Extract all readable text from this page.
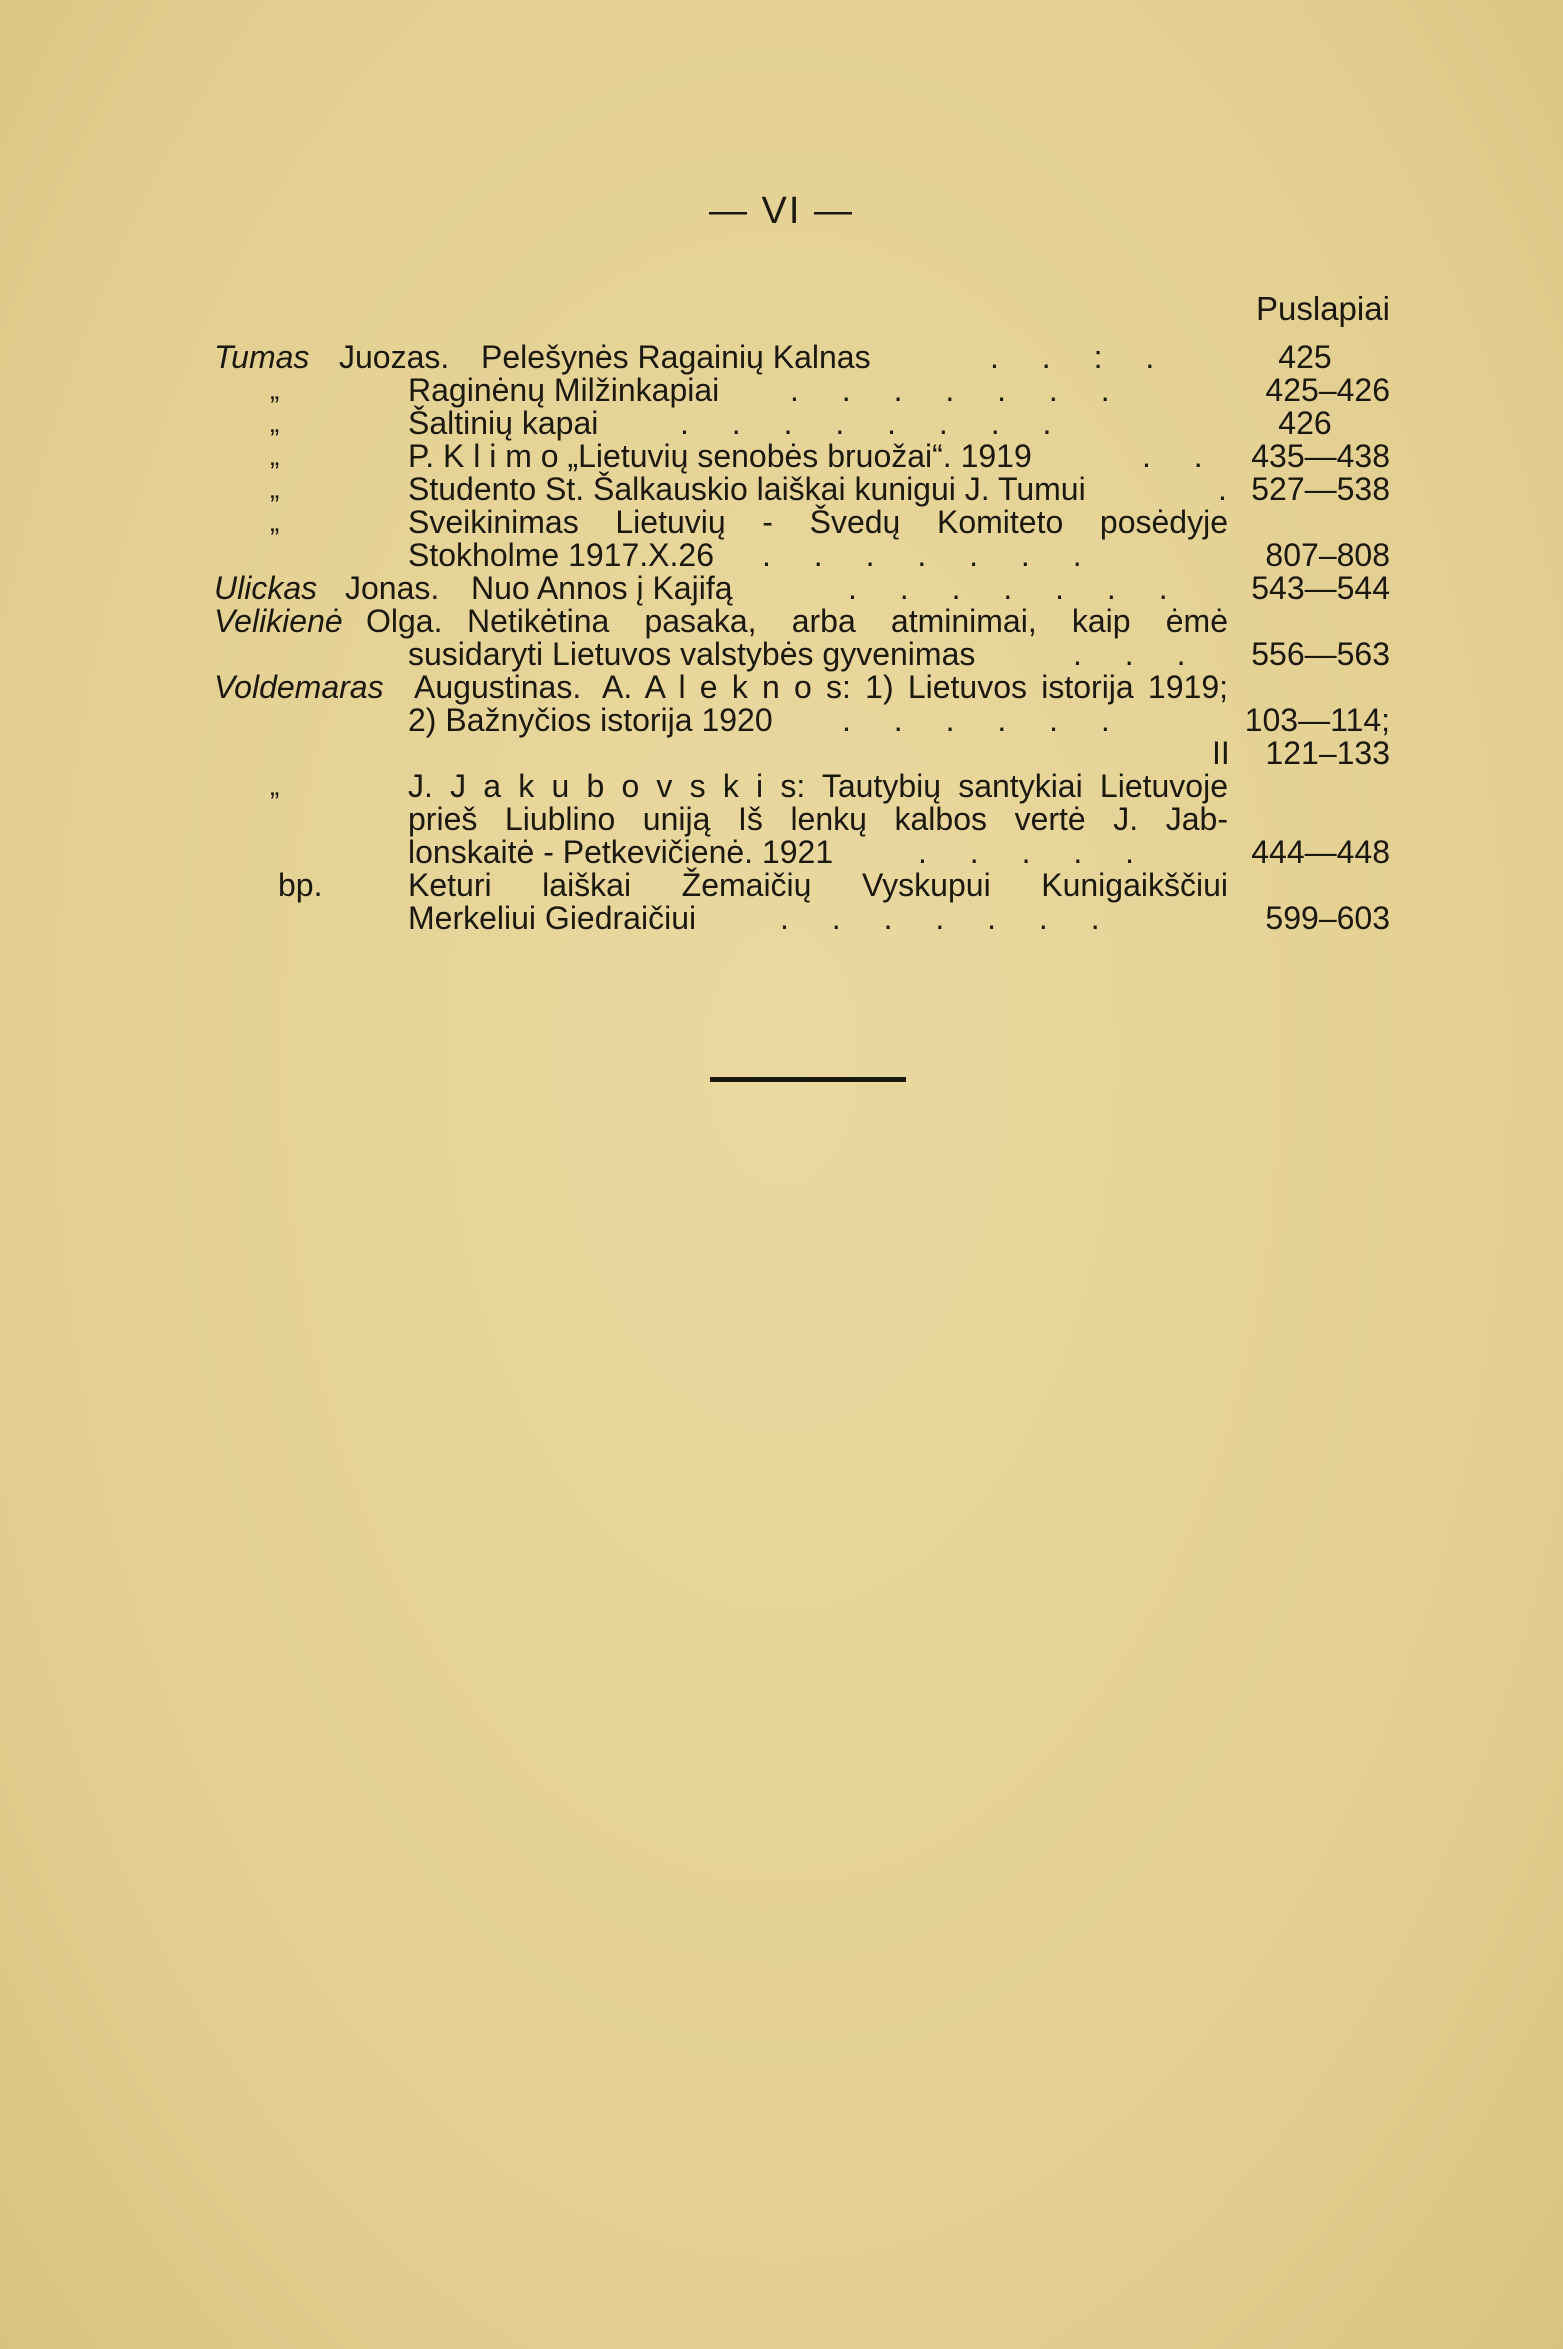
— VI —
Puslapiai
Tumas Juozas. Pelešynės Ragainių Kalnas	. . : .	425
„	Raginėnų Milžinkapiai . . . . . . .	425–426
„	Šaltinių kapai	. . . . . . . .	426
„	P. K l i m o „Lietuvių senobės bruožai“. 1919	. . 435—438
„	Studento St. Šalkauskio laiškai kunigui J. Tumui	. 527—538
„	Sveikinimas Lietuvių - Švedų Komiteto posėdyje
Stokholme 1917.X.26 . . . . . . .	807–808
Ulickas Jonas. Nuo Annos į Kajifą	. . . . . . .	543—544
Velikienė Olga. Netikėtina pasaka, arba atminimai, kaip ėmė
susidaryti Lietuvos valstybės gyvenimas	. . .	556—563
Voldemaras Augustinas. A. A l e k n o s: 1) Lietuvos istorija 1919;
2) Bažnyčios istorija 1920 . . . . . .	103—114;
II	121–133
„	J. J a k u b o v s k i s: Tautybių santykiai Lietuvoje
prieš Liublino uniją Iš lenkų kalbos vertė J. Jab-
lonskaitė - Petkevičienė. 1921	. . . . .	444—448
bp.	Keturi laiškai Žemaičių Vyskupui Kunigaikščiui
Merkeliui Giedraičiui	. . . . . . .	599–603
